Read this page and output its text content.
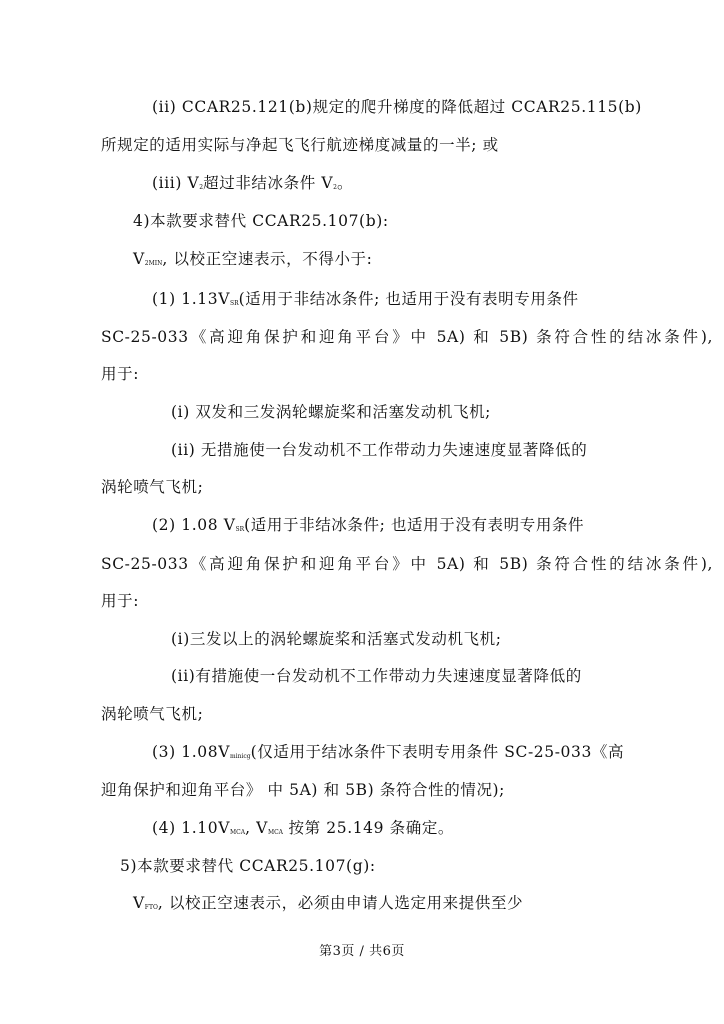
(ii) CCAR25.121(b)规定的爬升梯度的降低超过 CCAR25.115(b)
所规定的适用实际与净起飞飞行航迹梯度减量的一半; 或
(iii) V2超过非结冰条件 V2。
4)本款要求替代 CCAR25.107(b):
V2MIN, 以校正空速表示，不得小于:
(1) 1.13VSR(适用于非结冰条件; 也适用于没有表明专用条件
SC-25-033《高迎角保护和迎角平台》中 5A) 和 5B) 条符合性的结冰条件),
用于:
(i) 双发和三发涡轮螺旋桨和活塞发动机飞机;
(ii) 无措施使一台发动机不工作带动力失速速度显著降低的
涡轮喷气飞机;
(2) 1.08 VSR(适用于非结冰条件; 也适用于没有表明专用条件
SC-25-033《高迎角保护和迎角平台》中 5A) 和 5B) 条符合性的结冰条件),
用于:
(i)三发以上的涡轮螺旋桨和活塞式发动机飞机;
(ii)有措施使一台发动机不工作带动力失速速度显著降低的
涡轮喷气飞机;
(3) 1.08Vminicg(仅适用于结冰条件下表明专用条件 SC-25-033《高
迎角保护和迎角平台》 中 5A) 和 5B) 条符合性的情况);
(4) 1.10VMCA, VMCA 按第 25.149 条确定。
5)本款要求替代 CCAR25.107(g):
VFTO, 以校正空速表示，必须由申请人选定用来提供至少
第3页 / 共6页
